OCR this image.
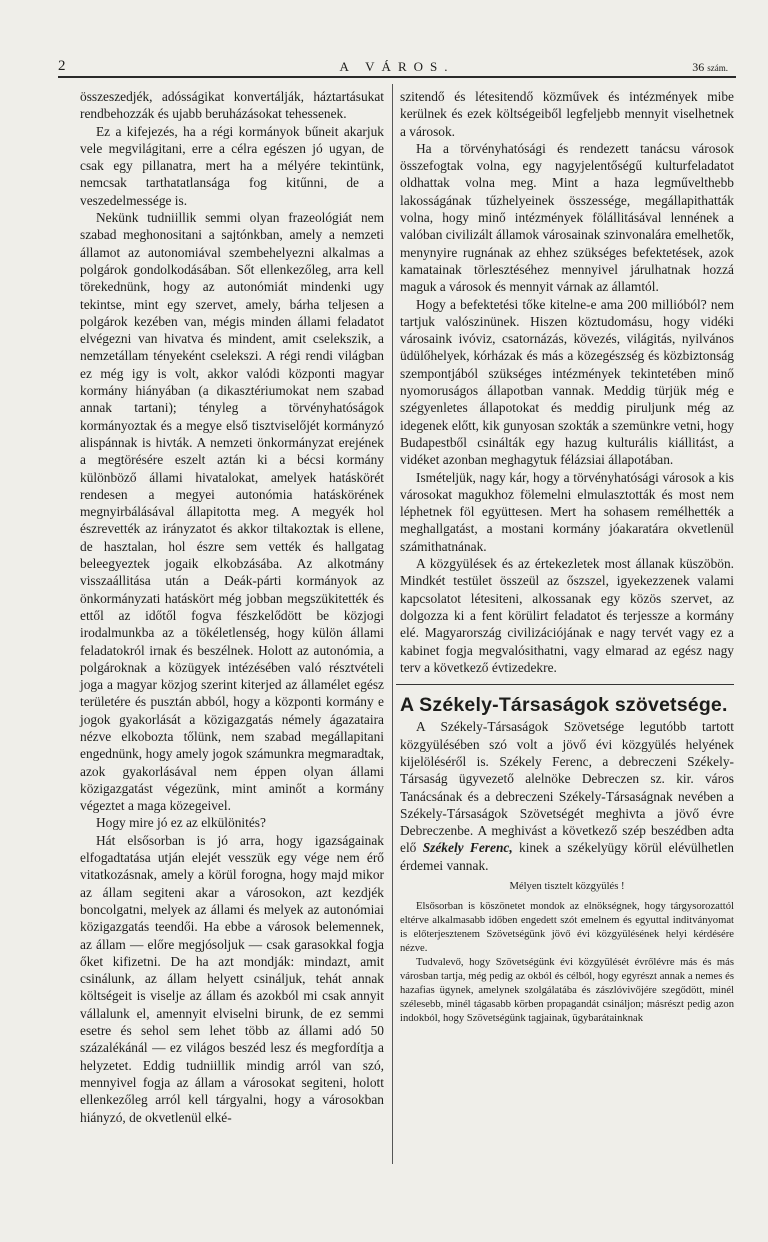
2	A VÁROS.	36 szám.

összeszedjék, adósságikat konvertálják, háztartásukat rendbehozzák és ujabb beruházásokat tehessenek.

Ez a kifejezés, ha a régi kormányok bűneit akarjuk vele megvilágitani, erre a célra egészen jó ugyan, de csak egy pillanatra, mert ha a mélyére tekintünk, nemcsak tarthatatlansága fog kitűnni, de a veszedelmessége is.

Nekünk tudniillik semmi olyan frazeológiát nem szabad meghonositani a sajtónkban, amely a nemzeti államot az autonomiával szembehelyezni alkalmas a polgárok gondolkodásában. Sőt ellenkezőleg, arra kell törekednünk, hogy az autonómiát mindenki ugy tekintse, mint egy szervet, amely, bárha teljesen a polgárok kezében van, mégis minden állami feladatot elvégezni van hivatva és mindent, amit cselekszik, a nemzetállam tényeként cselekszi. A régi rendi világban ez még igy is volt, akkor valódi központi magyar kormány hiányában (a dikasztériumokat nem szabad annak tartani); tényleg a törvényhatóságok kormányoztak és a megye első tisztviselőjét kormányzó alispánnak is hivták. A nemzeti önkormányzat erejének a megtörésére eszelt aztán ki a bécsi kormány különböző állami hivatalokat, amelyek hatáskörét rendesen a megyei autonómia hatáskörének megnyirbálásával állapitotta meg. A megyék hol észrevették az irányzatot és akkor tiltakoztak is ellene, de hasztalan, hol észre sem vették és hallgatag beleegyeztek jogaik elkobzásába. Az alkotmány visszaállitása után a Deák-párti kormányok az önkormányzati hatáskört még jobban megszükitették és ettől az időtől fogva fészkelődött be közjogi irodalmunkba az a tökéletlenség, hogy külön állami feladatokról irnak és beszélnek. Holott az autonómia, a polgároknak a közügyek intézésében való résztvételi joga a magyar közjog szerint kiterjed az államélet egész területére és pusztán abból, hogy a központi kormány e jogok gyakorlását a közigazgatás némely ágazataira nézve elkobozta tőlünk, nem szabad megállapitani engednünk, hogy amely jogok számunkra megmaradtak, azok gyakorlásával nem éppen olyan állami közigazgatást végezünk, mint aminőt a kormány végeztet a maga közegeivel.

Hogy mire jó ez az elkülönités?

Hát elsősorban is jó arra, hogy igazságainak elfogadtatása utján elejét vesszük egy vége nem érő vitatkozásnak, amely a körül forogna, hogy majd mikor az állam segiteni akar a városokon, azt kezdjék boncolgatni, melyek az állami és melyek az autonómiai közigazgatás teendői. Ha ebbe a városok belemennek, az állam — előre megjósoljuk — csak garasokkal fogja őket kifizetni. De ha azt mondják: mindazt, amit csinálunk, az állam helyett csináljuk, tehát annak költségeit is viselje az állam és azokból mi csak annyit vállalunk el, amennyit elviselni birunk, de ez semmi esetre és sehol sem lehet több az állami adó 50 százalékánál — ez világos beszéd lesz és megfordítja a helyzetet. Eddig tudniillik mindig arról van szó, mennyivel fogja az állam a városokat segiteni, holott ellenkezőleg arról kell tárgyalni, hogy a városokban hiányzó, de okvetlenül elké-

szitendő és létesitendő közművek és intézmények mibe kerülnek és ezek költségeiből legfeljebb mennyit viselhetnek a városok.

Ha a törvényhatósági és rendezett tanácsu városok összefogtak volna, egy nagyjelentőségű kulturfeladatot oldhattak volna meg. Mint a haza legművelthebb lakosságának tűzhelyeinek összessége, megállapithatták volna, hogy minő intézmények fölállitásával lennének a valóban civilizált államok városainak szinvonalára emelhetők, menynyire rugnának az ehhez szükséges befektetések, azok kamatainak törlesztéséhez mennyivel járulhatnak hozzá maguk a városok és mennyit várnak az államtól.

Hogy a befektetési tőke kitelne-e ama 200 millióból? nem tartjuk valószinünek. Hiszen köztudomásu, hogy vidéki városaink ivóviz, csatornázás, kövezés, világitás, nyilvános üdülőhelyek, kórházak és más a közegészség és közbiztonság szempontjából szükséges intézmények tekintetében minő nyomoruságos állapotban vannak. Meddig türjük még e szégyenletes állapotokat és meddig piruljunk még az idegenek előtt, kik gunyosan szokták a szemünkre vetni, hogy Budapestből csinálták egy hazug kulturális kiállitást, a vidéket azonban meghagytuk félázsiai állapotában.

Ismételjük, nagy kár, hogy a törvényhatósági városok a kis városokat magukhoz fölemelni elmulasztották és most nem léphetnek föl együttesen. Mert ha sohasem remélhették a meghallgatást, a mostani kormány jóakaratára okvetlenül számithatnának.

A közgyülések és az értekezletek most állanak küszöbön. Mindkét testület összeül az őszszel, igyekezzenek valami kapcsolatot létesiteni, alkossanak egy közös szervet, az dolgozza ki a fent körülirt feladatot és terjessze a kormány elé. Magyarország civilizációjának e nagy tervét vagy ez a kabinet fogja megvalósithatni, vagy elmarad az egész nagy terv a következő évtizedekre.

A Székely-Társaságok szövetsége.

A Székely-Társaságok Szövetsége legutóbb tartott közgyülésében szó volt a jövő évi közgyülés helyének kijelöléséről is. Székely Ferenc, a debreczeni Székely-Társaság ügyvezető alelnöke Debreczen sz. kir. város Tanácsának és a debreczeni Székely-Társaságnak nevében a Székely-Társaságok Szövetségét meghivta a jövő évre Debreczenbe. A meghivást a következő szép beszédben adta elő Székely Ferenc, kinek a székelyügy körül elévülhetlen érdemei vannak.

Mélyen tisztelt közgyülés !

Elsősorban is köszönetet mondok az elnökségnek, hogy tárgysorozattól eltérve alkalmasabb időben engedett szót emelnem és egyuttal inditványomat is előterjesztenem Szövetségünk jövő évi közgyülésének helyi kérdésére nézve.

Tudvalevő, hogy Szövetségünk évi közgyülését évrőlévre más és más városban tartja, még pedig az okból és célból, hogy egyrészt annak a nemes és hazafias ügynek, amelynek szolgálatába és zászlóvivőjére szegődött, minél szélesebb, minél tágasabb körben propagandát csináljon; másrészt pedig azon indokból, hogy Szövetségünk tagjainak, ügybarátainknak
